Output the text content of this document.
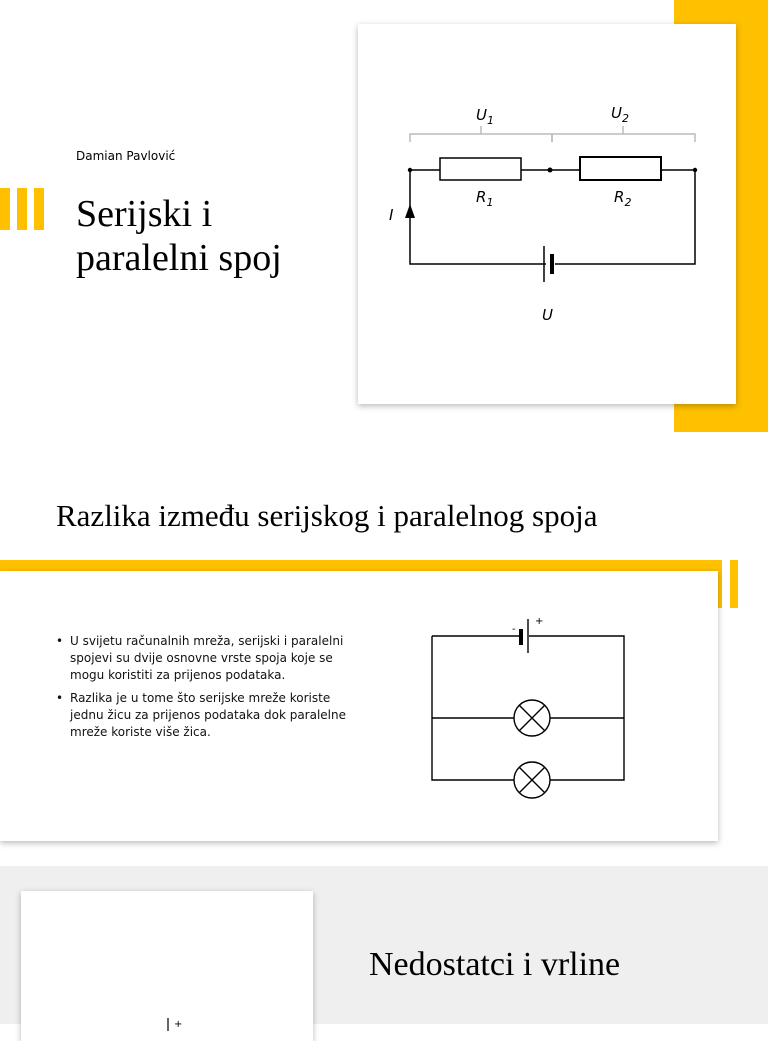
Damian Pavlović
Serijski i
paralelni spoj
$U_1$	$U_2$
$R_1$	$R_2$
I
U
Razlika između serijskog i paralelnog spoja
• U svijetu računalnih mreža, serijski i paralelni spojevi su dvije osnovne vrste spoja koje se mogu koristiti za prijenos podataka.
• Razlika je u tome što serijske mreže koriste jednu žicu za prijenos podataka dok paralelne mreže koriste više žica.
-
+
+
Nedostatci i vrline
